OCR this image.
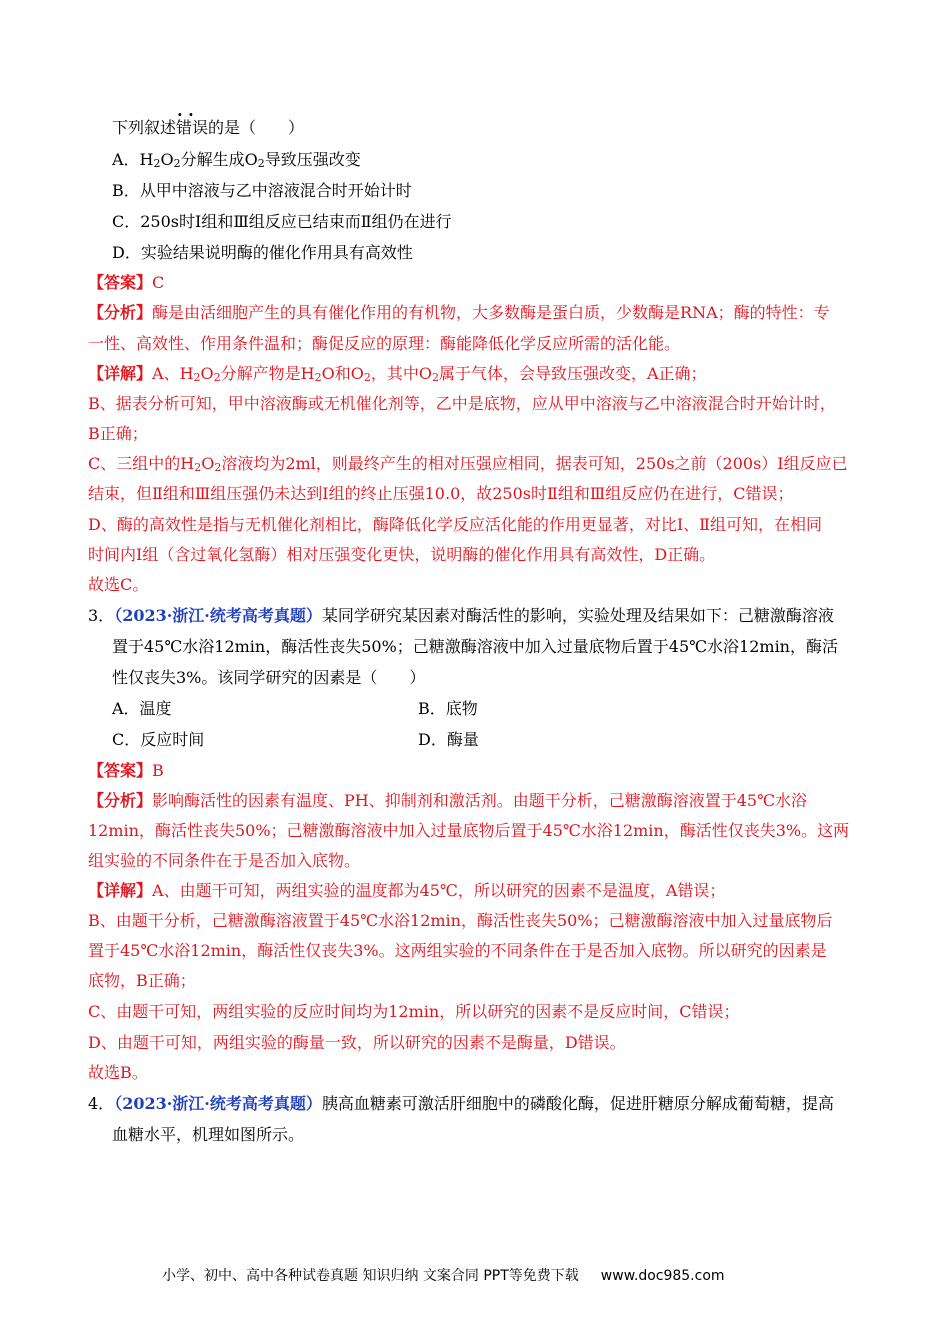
下列叙述· · 错误的是（　　）
A．$H_2O_2$分解生成$O_2$导致压强改变
B．从甲中溶液与乙中溶液混合时开始计时
C．250s时Ⅰ组和Ⅲ组反应已结束而Ⅱ组仍在进行
D．实验结果说明酶的催化作用具有高效性
【答案】C
【分析】酶是由活细胞产生的具有催化作用的有机物，大多数酶是蛋白质，少数酶是RNA；酶的特性：专
一性、高效性、作用条件温和；酶促反应的原理：酶能降低化学反应所需的活化能。
【详解】A、$H_2O_2$分解产物是$H_2O$和$O_2$，其中$O_2$属于气体，会导致压强改变，A正确；
B、据表分析可知，甲中溶液酶或无机催化剂等，乙中是底物，应从甲中溶液与乙中溶液混合时开始计时，
B正确；
C、三组中的$H_2O_2$溶液均为2ml，则最终产生的相对压强应相同，据表可知，250s之前（200s）Ⅰ组反应已
结束，但Ⅱ组和Ⅲ组压强仍未达到Ⅰ组的终止压强10.0，故250s时Ⅱ组和Ⅲ组反应仍在进行，C错误；
D、酶的高效性是指与无机催化剂相比，酶降低化学反应活化能的作用更显著，对比Ⅰ、Ⅱ组可知，在相同
时间内Ⅰ组（含过氧化氢酶）相对压强变化更快，说明酶的催化作用具有高效性，D正确。
故选C。
3．（2023·浙江·统考高考真题）某同学研究某因素对酶活性的影响，实验处理及结果如下：己糖激酶溶液
置于45℃水浴12min，酶活性丧失50%；己糖激酶溶液中加入过量底物后置于45℃水浴12min，酶活
性仅丧失3%。该同学研究的因素是（　　）
A．温度	B．底物
C．反应时间	D．酶量
【答案】B
【分析】影响酶活性的因素有温度、PH、抑制剂和激活剂。由题干分析，己糖激酶溶液置于45℃水浴
12min，酶活性丧失50%；己糖激酶溶液中加入过量底物后置于45℃水浴12min，酶活性仅丧失3%。这两
组实验的不同条件在于是否加入底物。
【详解】A、由题干可知，两组实验的温度都为45℃，所以研究的因素不是温度，A错误；
B、由题干分析，己糖激酶溶液置于45℃水浴12min，酶活性丧失50%；己糖激酶溶液中加入过量底物后
置于45℃水浴12min，酶活性仅丧失3%。这两组实验的不同条件在于是否加入底物。所以研究的因素是
底物，B正确；
C、由题干可知，两组实验的反应时间均为12min，所以研究的因素不是反应时间，C错误；
D、由题干可知，两组实验的酶量一致，所以研究的因素不是酶量，D错误。
故选B。
4．（2023·浙江·统考高考真题）胰高血糖素可激活肝细胞中的磷酸化酶，促进肝糖原分解成葡萄糖，提高
血糖水平，机理如图所示。
小学、初中、高中各种试卷真题 知识归纳 文案合同 PPT等免费下载 www.doc985.com
